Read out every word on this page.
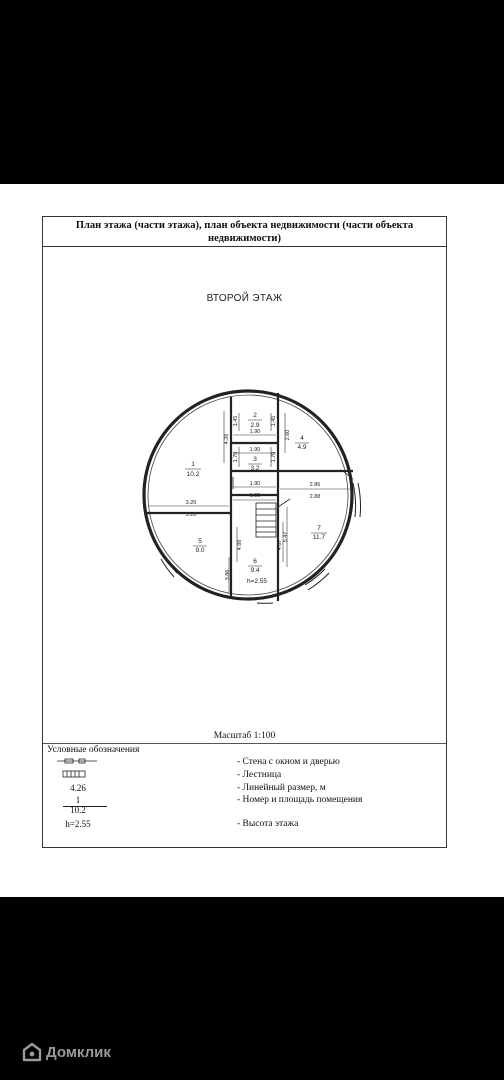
План этажа (части этажа), план объекта недвижимости (части объекта недвижимости)
ВТОРОЙ ЭТАЖ
1
10.2
2
2.9
3
3.2
4
4.9
5
9.0
6
9.4
h=2.55
7
11.7
1.90
1.90
1.90
1.90
2.86
2.88
3.20
3.20
1.45	1.45
2.60
1.70	1.70
4.26
4.88	4.87
5.47
3.86
Масштаб 1:100
Условные обозначения
- Стена с окном и дверью
- Лестница
4.26	- Линейный размер, м
1
10.2
- Номер и площадь помещения
h=2.55	- Высота этажа
Домклик
